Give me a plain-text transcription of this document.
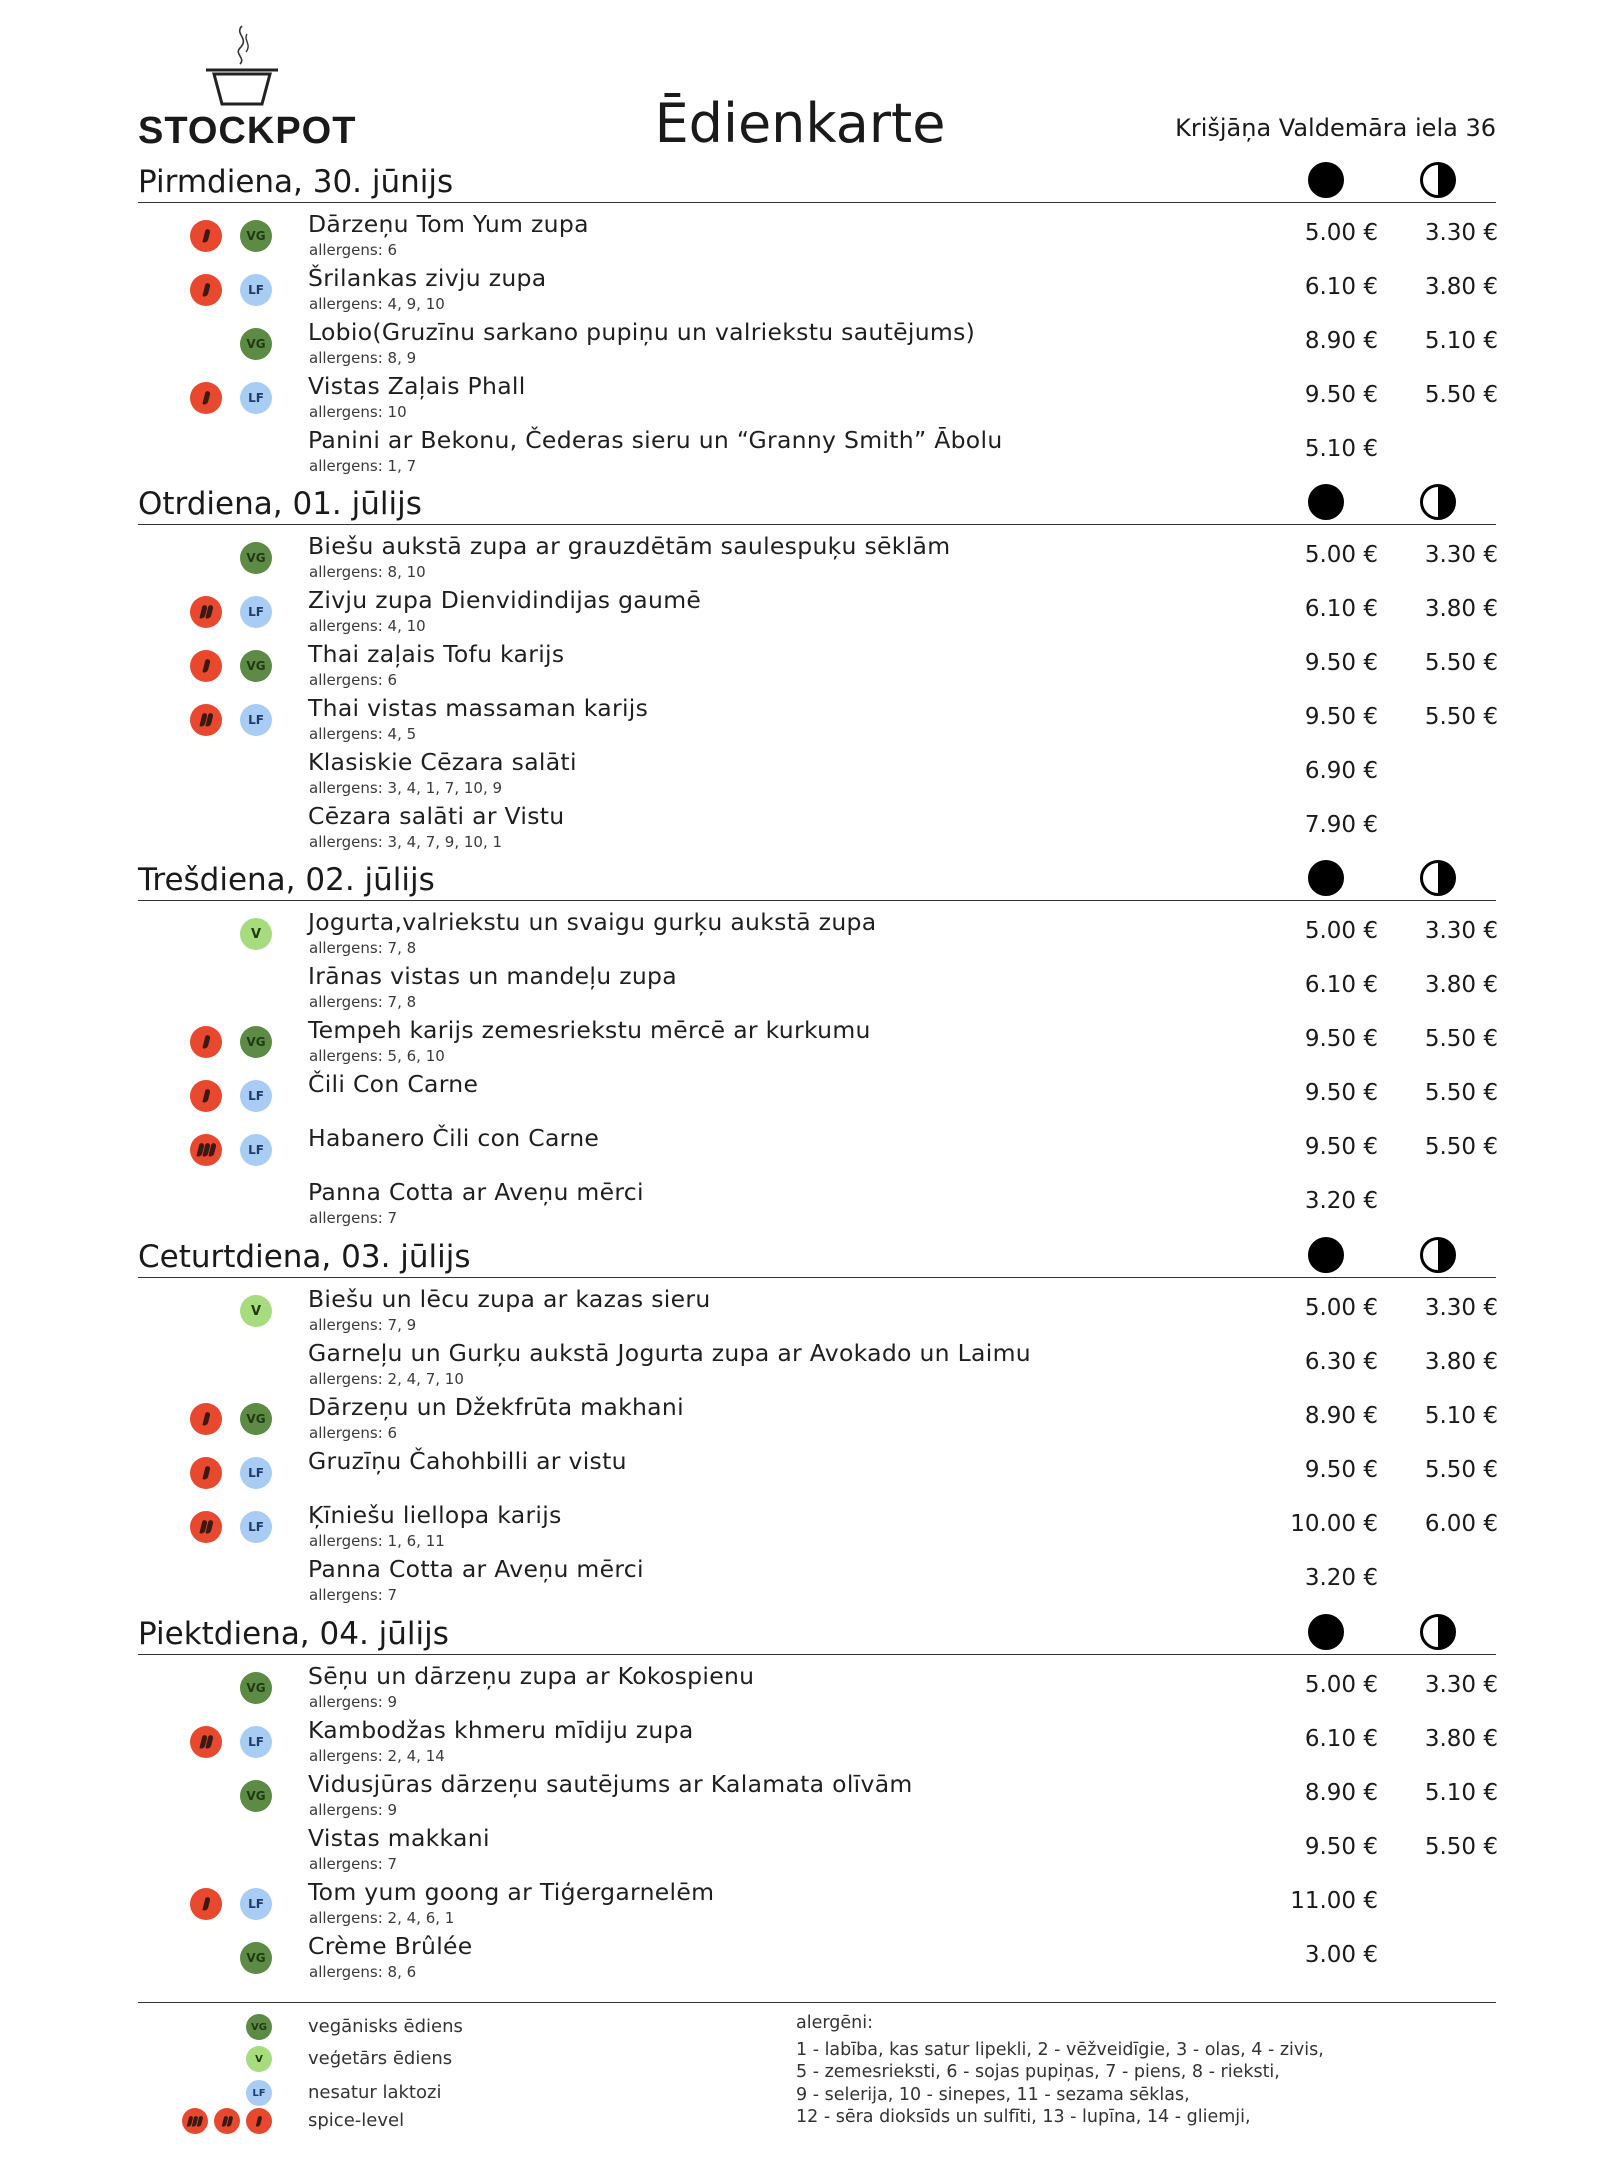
STOCKPOT	Ēdienkarte	Krišjāņa Valdemāra iela 36
Pirmdiena, 30. jūnijs
VG Dārzeņu Tom Yum zupa
allergens: 6
5.00 €	3.30 €
LF	Šrilankas zivju zupa
allergens: 4, 9, 10
6.10 €	3.80 €
VG Lobio(Gruzīnu sarkano pupiņu un valriekstu sautējums)
allergens: 8, 9
8.90 €	5.10 €
LF	Vistas Zaļais Phall
allergens: 10
9.50 €	5.50 €
Panini ar Bekonu, Čederas sieru un “Granny Smith” Ābolu
allergens: 1, 7
5.10 €
Otrdiena, 01. jūlijs
VG Biešu aukstā zupa ar grauzdētām saulespuķu sēklām
allergens: 8, 10
5.00 €	3.30 €
LF	Zivju zupa Dienvidindijas gaumē
allergens: 4, 10
6.10 €	3.80 €
VG Thai zaļais Tofu karijs
allergens: 6
9.50 €	5.50 €
LF	Thai vistas massaman karijs
allergens: 4, 5
9.50 €	5.50 €
Klasiskie Cēzara salāti
allergens: 3, 4, 1, 7, 10, 9
6.90 €
Cēzara salāti ar Vistu
allergens: 3, 4, 7, 9, 10, 1
7.90 €
Trešdiena, 02. jūlijs
V	Jogurta,valriekstu un svaigu gurķu aukstā zupa
allergens: 7, 8
5.00 €	3.30 €
Irānas vistas un mandeļu zupa
allergens: 7, 8
6.10 €	3.80 €
VG Tempeh karijs zemesriekstu mērcē ar kurkumu
allergens: 5, 6, 10
9.50 €	5.50 €
LF	Čili Con Carne	9.50 €	5.50 €
LF	Habanero Čili con Carne	9.50 €	5.50 €
Panna Cotta ar Aveņu mērci
allergens: 7
3.20 €
Ceturtdiena, 03. jūlijs
V	Biešu un lēcu zupa ar kazas sieru
allergens: 7, 9
5.00 €	3.30 €
Garneļu un Gurķu aukstā Jogurta zupa ar Avokado un Laimu
allergens: 2, 4, 7, 10
6.30 €	3.80 €
VG Dārzeņu un Džekfrūta makhani
allergens: 6
8.90 €	5.10 €
LF	Gruzīņu Čahohbilli ar vistu	9.50 €	5.50 €
LF	Ķīniešu liellopa karijs
allergens: 1, 6, 11
10.00 €	6.00 €
Panna Cotta ar Aveņu mērci
allergens: 7
3.20 €
Piektdiena, 04. jūlijs
VG Sēņu un dārzeņu zupa ar Kokospienu
allergens: 9
5.00 €	3.30 €
LF	Kambodžas khmeru mīdiju zupa
allergens: 2, 4, 14
6.10 €	3.80 €
VG Vidusjūras dārzeņu sautējums ar Kalamata olīvām
allergens: 9
8.90 €	5.10 €
Vistas makkani
allergens: 7
9.50 €	5.50 €
LF	Tom yum goong ar Tiģergarnelēm
allergens: 2, 4, 6, 1
11.00 €
VG Crème Brûlée
allergens: 8, 6
3.00 €
VG vegānisks ēdiens
V	veģetārs ēdiens
LF nesatur laktozi
spice-level
alergēni:
1 - labība, kas satur lipekli, 2 - vēžveidīgie, 3 - olas, 4 - zivis,
5 - zemesrieksti, 6 - sojas pupiņas, 7 - piens, 8 - rieksti,
9 - selerija, 10 - sinepes, 11 - sezama sēklas,
12 - sēra dioksīds un sulfīti, 13 - lupīna, 14 - gliemji,
